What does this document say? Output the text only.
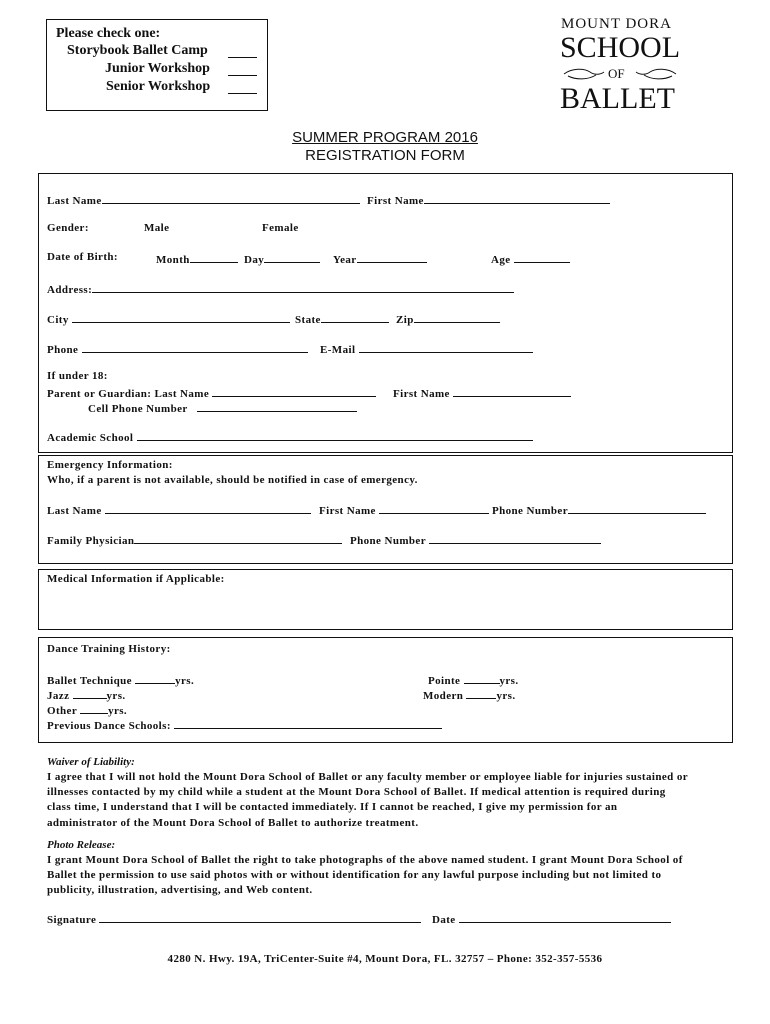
Please check one:
Storybook Ballet Camp
Junior Workshop
Senior Workshop
MOUNT DORA
SCHOOL
OF
BALLET
SUMMER PROGRAM 2016
REGISTRATION FORM
Last Name	First Name
Gender:	Male	Female
Date of Birth:	Month	Day	Year	Age
Address:
City	State	Zip
Phone	E-Mail
If under 18:
Parent or Guardian: Last Name	First Name
Cell Phone Number
Academic School
Emergency Information:
Who, if a parent is not available, should be notified in case of emergency.
Last Name	First Name	Phone Number
Family Physician	Phone Number
Medical Information if Applicable:
Dance Training History:
Ballet Technique	yrs.	Pointe	yrs.
Jazz	yrs.	Modern	yrs.
Other	yrs.
Previous Dance Schools:
Waiver of Liability:
I agree that I will not hold the Mount Dora School of Ballet or any faculty member or employee liable for injuries sustained or
illnesses contacted by my child while a student at the Mount Dora School of Ballet. If medical attention is required during
class time, I understand that I will be contacted immediately. If I cannot be reached, I give my permission for an
administrator of the Mount Dora School of Ballet to authorize treatment.
Photo Release:
I grant Mount Dora School of Ballet the right to take photographs of the above named student. I grant Mount Dora School of
Ballet the permission to use said photos with or without identification for any lawful purpose including but not limited to
publicity, illustration, advertising, and Web content.
Signature	Date
4280 N. Hwy. 19A, TriCenter-Suite #4, Mount Dora, FL. 32757 – Phone: 352-357-5536
